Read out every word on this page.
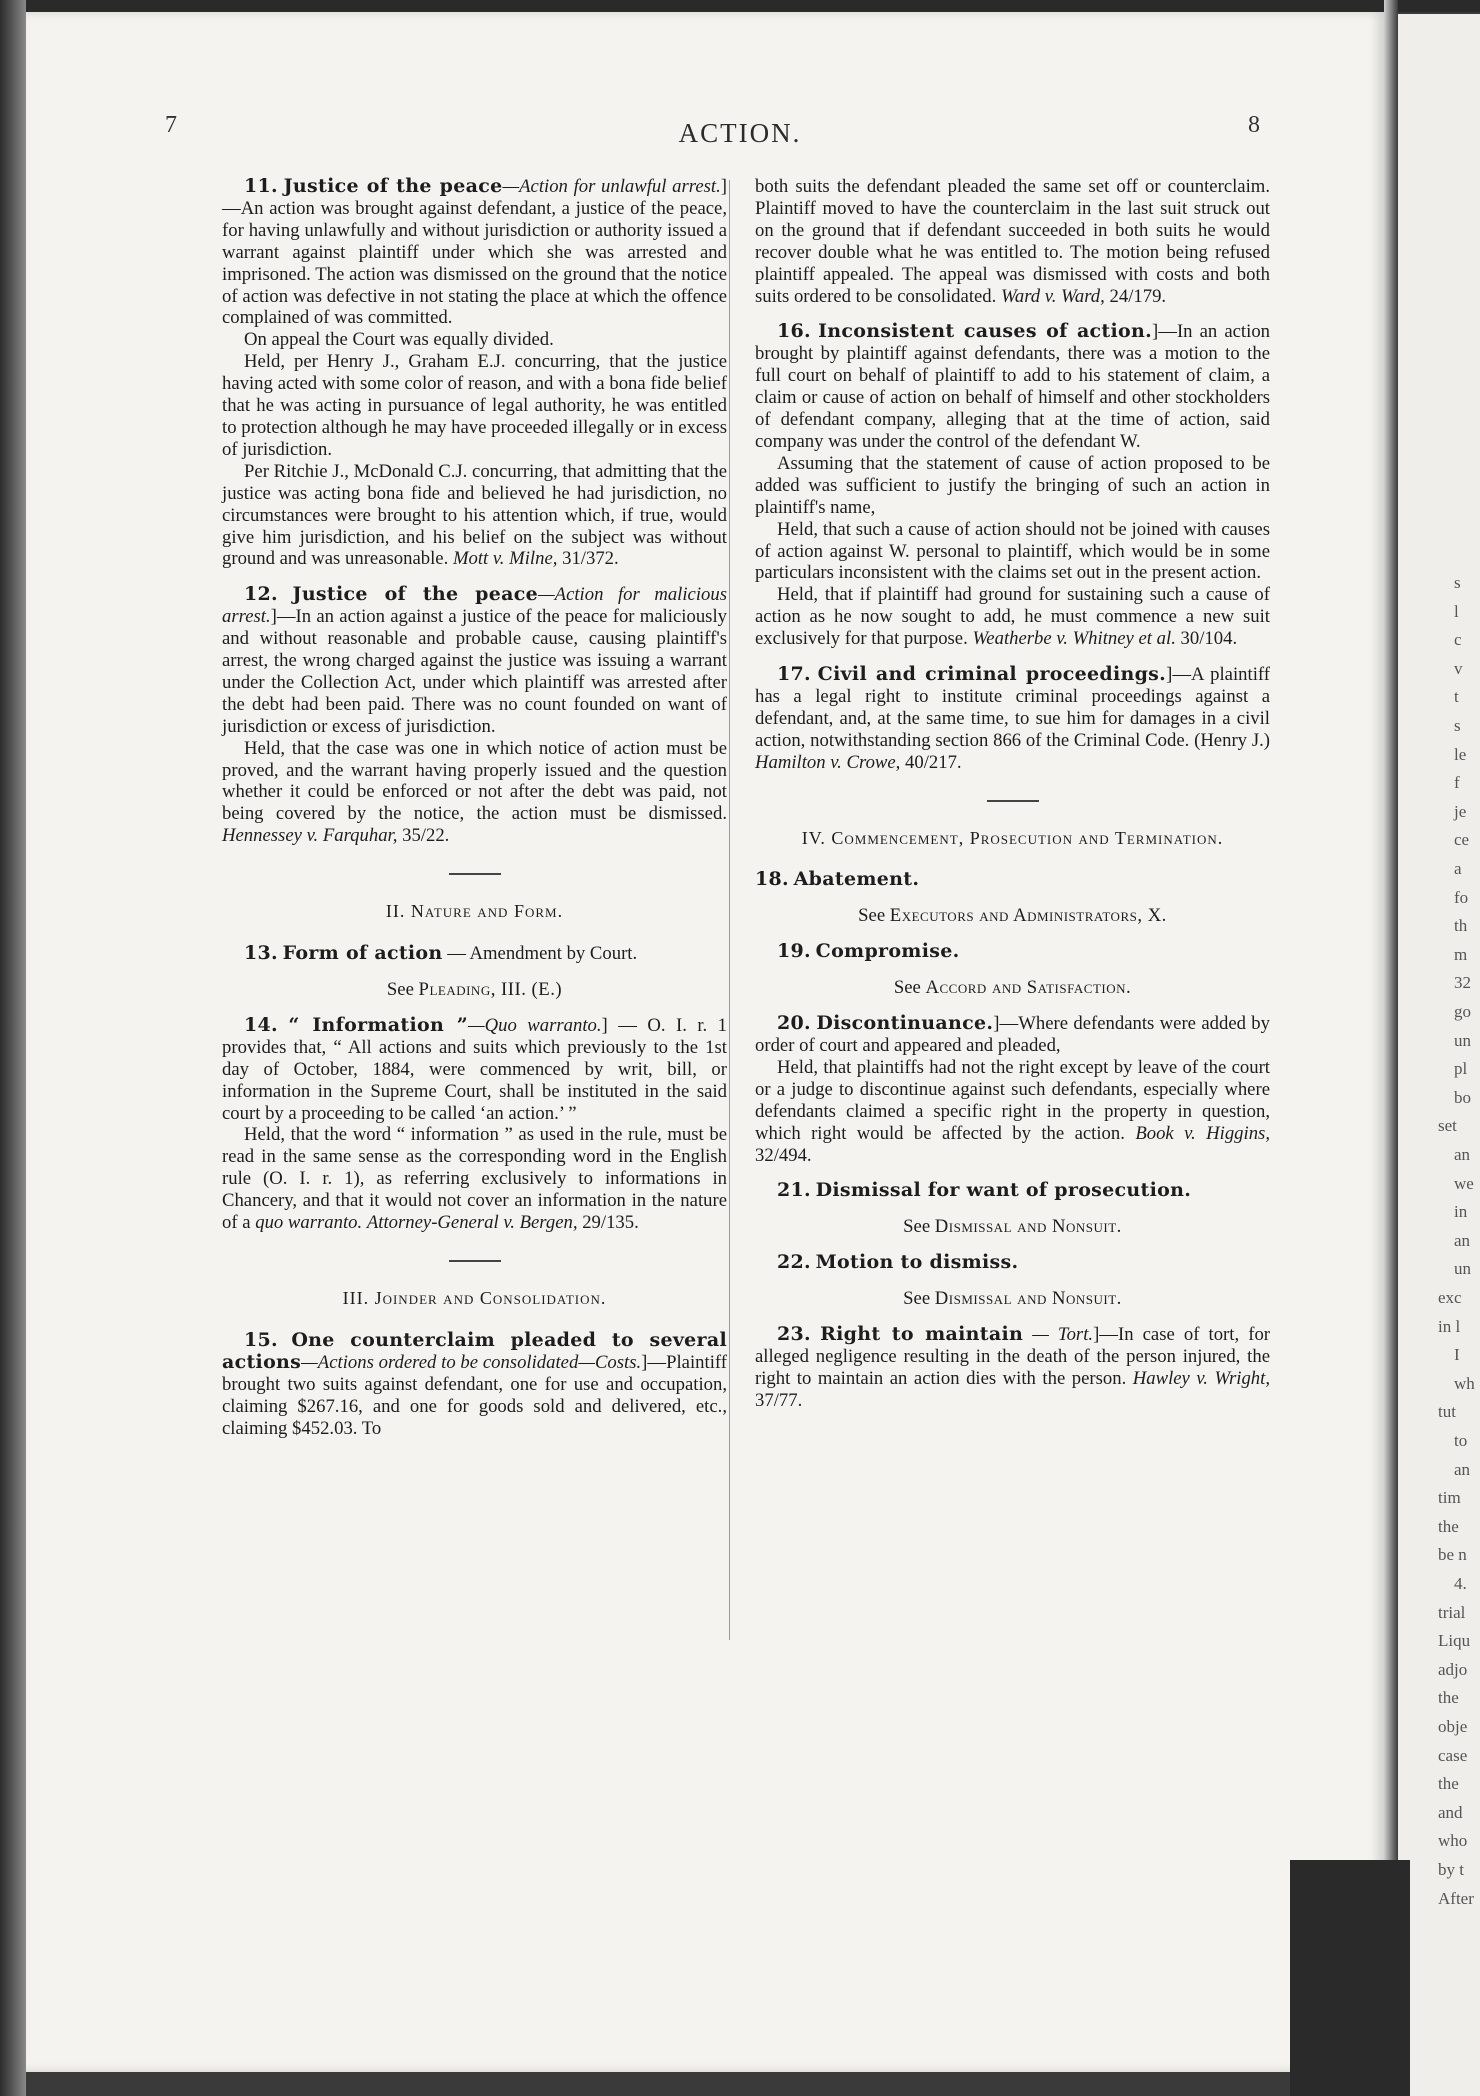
s
l
c
v
t
s
le
f
je
ce
a
fo
th
m
32
go
un
pl
bo
set
an
we
in
an
un
exc
in l
I
wh
tut
to
an
tim
the
be n
4.
trial
Liqu
adjo
the
obje
case
the
and
who
by t
After
7	ACTION.	8

11. Justice of the peace—Action for unlawful arrest.]—An action was brought against defendant, a justice of the peace, for having unlawfully and without jurisdiction or authority issued a warrant against plaintiff under which she was arrested and imprisoned. The action was dismissed on the ground that the notice of action was defective in not stating the place at which the offence complained of was committed.

On appeal the Court was equally divided.

Held, per Henry J., Graham E.J. concurring, that the justice having acted with some color of reason, and with a bona fide belief that he was acting in pursuance of legal authority, he was entitled to protection although he may have proceeded illegally or in excess of jurisdiction.

Per Ritchie J., McDonald C.J. concurring, that admitting that the justice was acting bona fide and believed he had jurisdiction, no circumstances were brought to his attention which, if true, would give him jurisdiction, and his belief on the subject was without ground and was unreasonable. Mott v. Milne, 31/372.

12. Justice of the peace—Action for malicious arrest.]—In an action against a justice of the peace for maliciously and without reasonable and probable cause, causing plaintiff's arrest, the wrong charged against the justice was issuing a warrant under the Collection Act, under which plaintiff was arrested after the debt had been paid. There was no count founded on want of jurisdiction or excess of jurisdiction.

Held, that the case was one in which notice of action must be proved, and the warrant having properly issued and the question whether it could be enforced or not after the debt was paid, not being covered by the notice, the action must be dismissed. Hennessey v. Farquhar, 35/22.

II. Nature and Form.

13. Form of action — Amendment by Court.

See Pleading, III. (E.)

14. “ Information ”—Quo warranto.] — O. I. r. 1 provides that, “ All actions and suits which previously to the 1st day of October, 1884, were commenced by writ, bill, or information in the Supreme Court, shall be instituted in the said court by a proceeding to be called ‘an action.’ ”

Held, that the word “ information ” as used in the rule, must be read in the same sense as the corresponding word in the English rule (O. I. r. 1), as referring exclusively to informations in Chancery, and that it would not cover an information in the nature of a quo warranto. Attorney-General v. Bergen, 29/135.

III. Joinder and Consolidation.

15. One counterclaim pleaded to several actions—Actions ordered to be consolidated—Costs.]—Plaintiff brought two suits against defendant, one for use and occupation, claiming $267.16, and one for goods sold and delivered, etc., claiming $452.03. To

both suits the defendant pleaded the same set off or counterclaim. Plaintiff moved to have the counterclaim in the last suit struck out on the ground that if defendant succeeded in both suits he would recover double what he was entitled to. The motion being refused plaintiff appealed. The appeal was dismissed with costs and both suits ordered to be consolidated. Ward v. Ward, 24/179.

16. Inconsistent causes of action.]—In an action brought by plaintiff against defendants, there was a motion to the full court on behalf of plaintiff to add to his statement of claim, a claim or cause of action on behalf of himself and other stockholders of defendant company, alleging that at the time of action, said company was under the control of the defendant W.

Assuming that the statement of cause of action proposed to be added was sufficient to justify the bringing of such an action in plaintiff's name,

Held, that such a cause of action should not be joined with causes of action against W. personal to plaintiff, which would be in some particulars inconsistent with the claims set out in the present action.

Held, that if plaintiff had ground for sustaining such a cause of action as he now sought to add, he must commence a new suit exclusively for that purpose. Weatherbe v. Whitney et al. 30/104.

17. Civil and criminal proceedings.]—A plaintiff has a legal right to institute criminal proceedings against a defendant, and, at the same time, to sue him for damages in a civil action, notwithstanding section 866 of the Criminal Code. (Henry J.) Hamilton v. Crowe, 40/217.

IV. Commencement, Prosecution and Termination.

18. Abatement.

See Executors and Administrators, X.

19. Compromise.

See Accord and Satisfaction.

20. Discontinuance.]—Where defendants were added by order of court and appeared and pleaded,

Held, that plaintiffs had not the right except by leave of the court or a judge to discontinue against such defendants, especially where defendants claimed a specific right in the property in question, which right would be affected by the action. Book v. Higgins, 32/494.

21. Dismissal for want of prosecution.

See Dismissal and Nonsuit.

22. Motion to dismiss.

See Dismissal and Nonsuit.

23. Right to maintain — Tort.]—In case of tort, for alleged negligence resulting in the death of the person injured, the right to maintain an action dies with the person. Hawley v. Wright, 37/77.
